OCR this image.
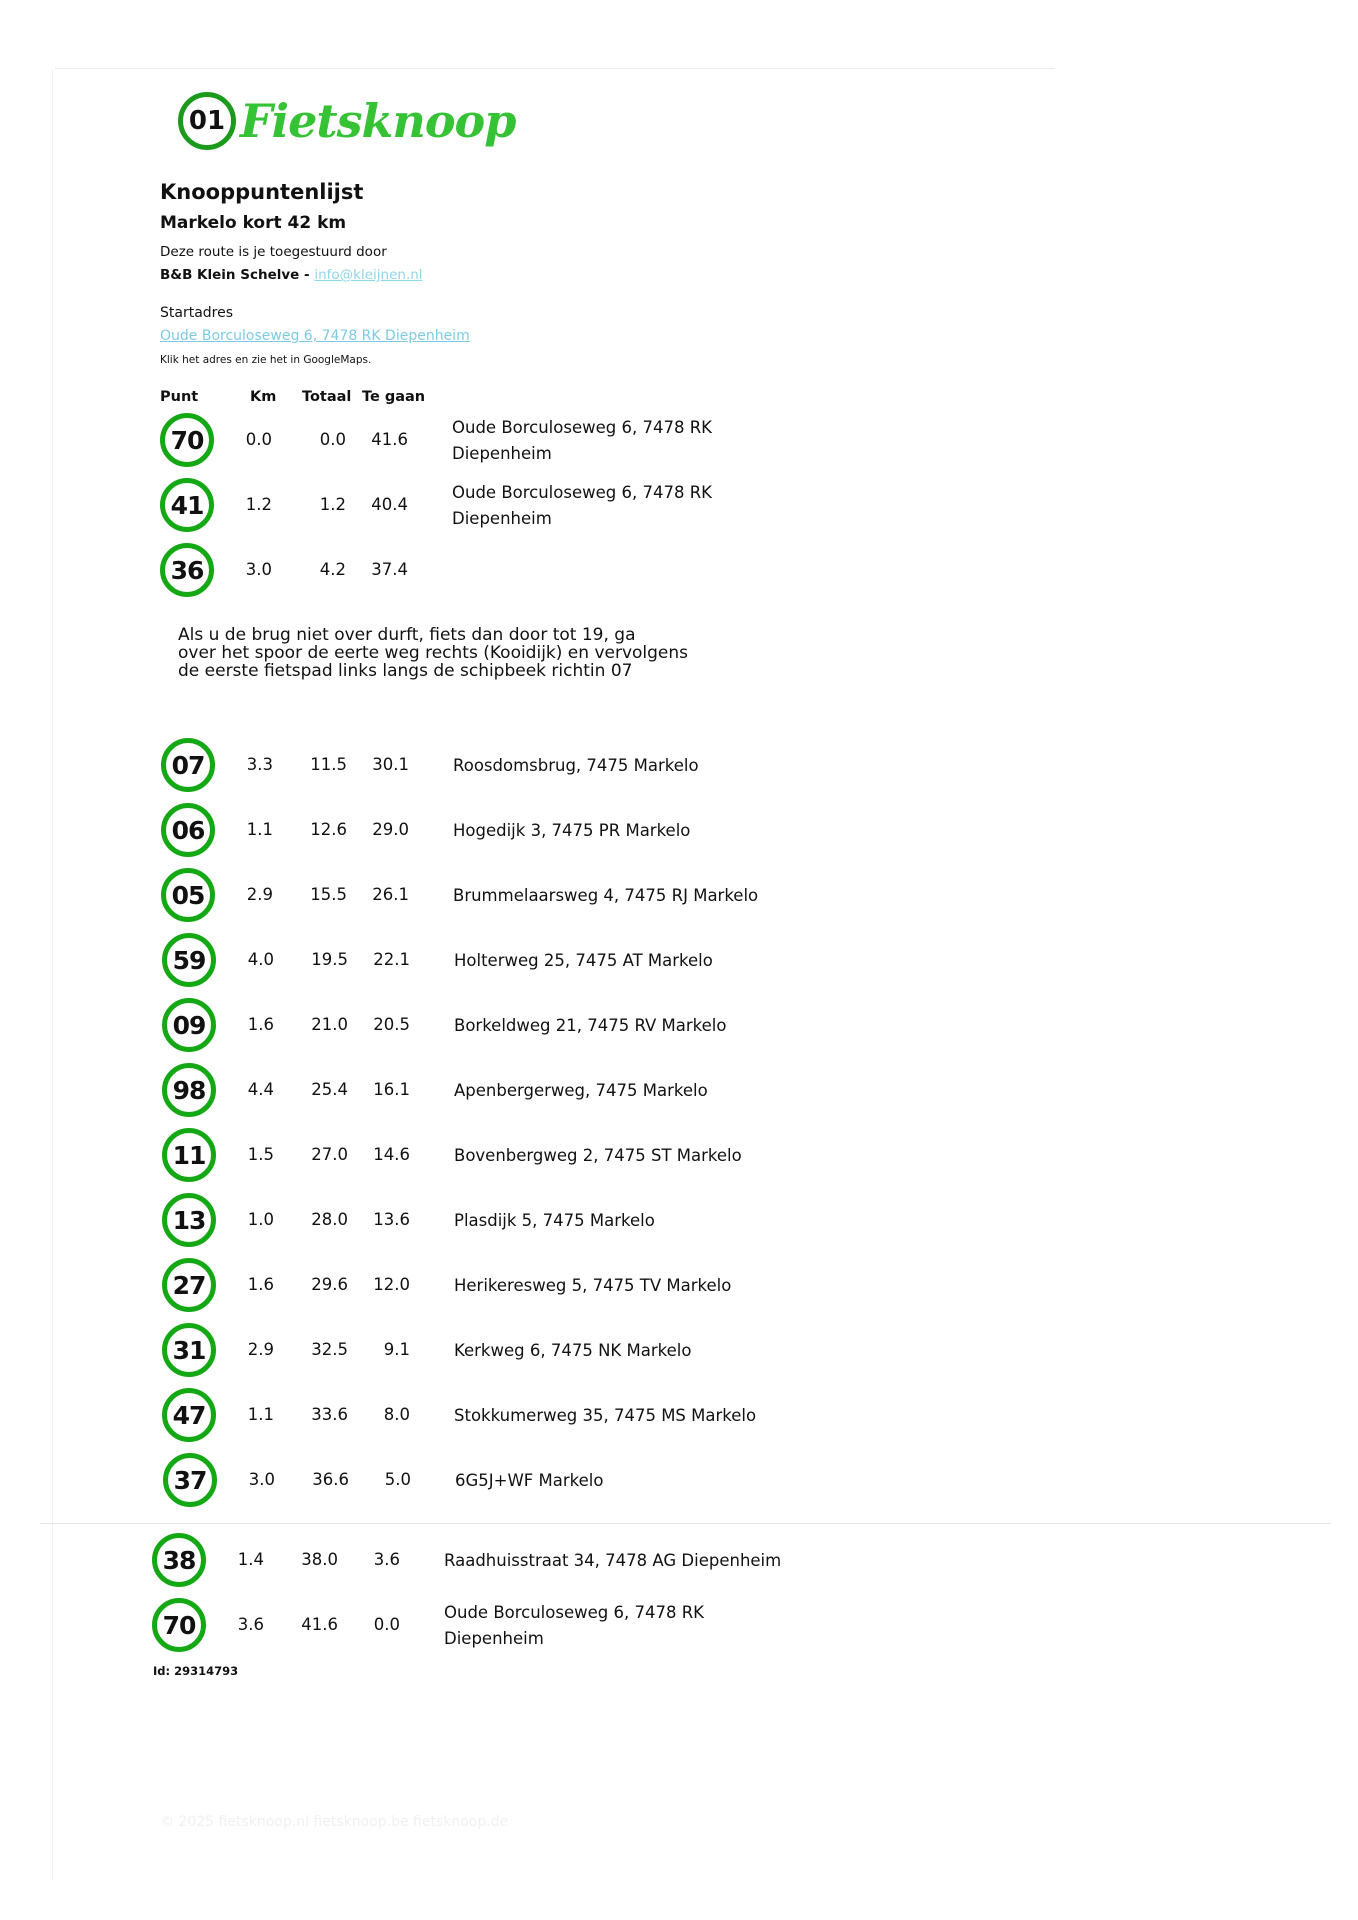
01 Fietsknoop
Knooppuntenlijst
Markelo kort 42 km
Deze route is je toegestuurd door
B&B Klein Schelve - info@kleijnen.nl
Startadres
Oude Borculoseweg 6, 7478 RK Diepenheim
Klik het adres en zie het in GoogleMaps.
Punt	Km Totaal Te gaan
70	0.0	0.0	41.6
Oude Borculoseweg 6, 7478 RK
Diepenheim
41	1.2	1.2	40.4
Oude Borculoseweg 6, 7478 RK
Diepenheim
36	3.0	4.2	37.4
Als u de brug niet over durft, fiets dan door tot 19, ga
over het spoor de eerte weg rechts (Kooidijk) en vervolgens
de eerste fietspad links langs de schipbeek richtin 07
07	3.3	11.5	30.1	Roosdomsbrug, 7475 Markelo
06	1.1	12.6	29.0	Hogedijk 3, 7475 PR Markelo
05	2.9	15.5	26.1	Brummelaarsweg 4, 7475 RJ Markelo
59	4.0	19.5	22.1	Holterweg 25, 7475 AT Markelo
09	1.6	21.0	20.5	Borkeldweg 21, 7475 RV Markelo
98	4.4	25.4	16.1	Apenbergerweg, 7475 Markelo
11	1.5	27.0	14.6	Bovenbergweg 2, 7475 ST Markelo
13	1.0	28.0	13.6	Plasdijk 5, 7475 Markelo
27	1.6	29.6	12.0	Herikeresweg 5, 7475 TV Markelo
31	2.9	32.5	9.1	Kerkweg 6, 7475 NK Markelo
47	1.1	33.6	8.0	Stokkumerweg 35, 7475 MS Markelo
37	3.0	36.6	5.0	6G5J+WF Markelo
38	1.4	38.0	3.6	Raadhuisstraat 34, 7478 AG Diepenheim
70	3.6	41.6	0.0
Oude Borculoseweg 6, 7478 RK
Diepenheim
Id: 29314793
© 2025 fietsknoop.nl fietsknoop.be fietsknoop.de
